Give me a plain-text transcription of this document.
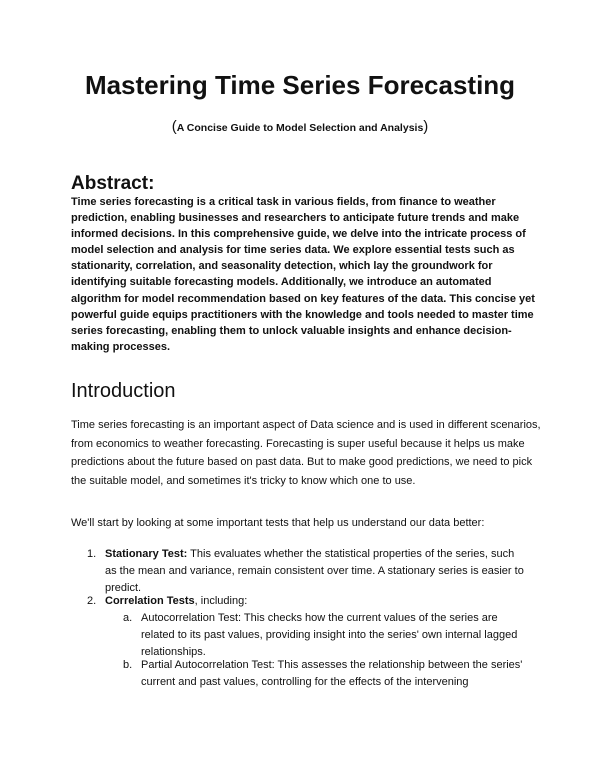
Mastering Time Series Forecasting
(A Concise Guide to Model Selection and Analysis)
Abstract:

Time series forecasting is a critical task in various fields, from finance to weather prediction, enabling businesses and researchers to anticipate future trends and make informed decisions. In this comprehensive guide, we delve into the intricate process of model selection and analysis for time series data. We explore essential tests such as stationarity, correlation, and seasonality detection, which lay the groundwork for identifying suitable forecasting models. Additionally, we introduce an automated algorithm for model recommendation based on key features of the data. This concise yet powerful guide equips practitioners with the knowledge and tools needed to master time series forecasting, enabling them to unlock valuable insights and enhance decision-making processes.

Introduction

Time series forecasting is an important aspect of Data science and is used in different scenarios, from economics to weather forecasting. Forecasting is super useful because it helps us make predictions about the future based on past data. But to make good predictions, we need to pick the suitable model, and sometimes it's tricky to know which one to use.

We'll start by looking at some important tests that help us understand our data better:

1. Stationary Test: This evaluates whether the statistical properties of the series, such as the mean and variance, remain consistent over time. A stationary series is easier to predict.
2. Correlation Tests, including:
a. Autocorrelation Test: This checks how the current values of the series are related to its past values, providing insight into the series' own internal lagged relationships.
b. Partial Autocorrelation Test: This assesses the relationship between the series' current and past values, controlling for the effects of the intervening
